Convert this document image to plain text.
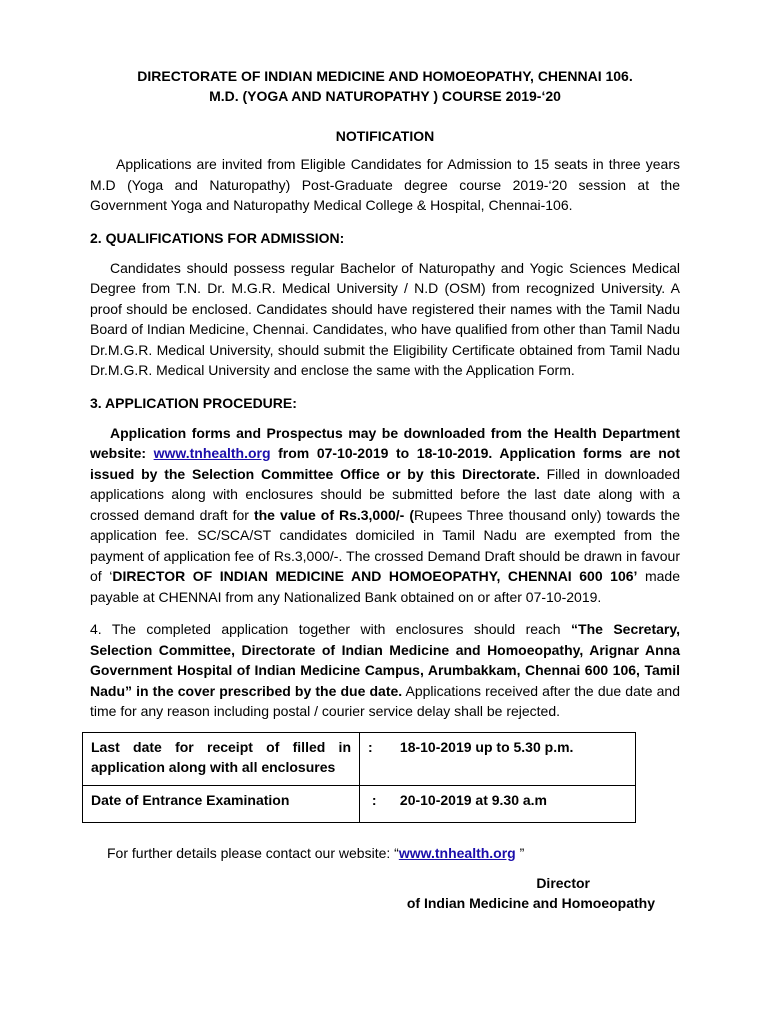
DIRECTORATE OF INDIAN MEDICINE AND HOMOEOPATHY, CHENNAI 106.

M.D. (YOGA AND NATUROPATHY ) COURSE 2019-‘20

NOTIFICATION

Applications are invited from Eligible Candidates for Admission to 15 seats in three years M.D (Yoga and Naturopathy) Post-Graduate degree course 2019-‘20 session at the Government Yoga and Naturopathy Medical College & Hospital, Chennai-106.

2. QUALIFICATIONS FOR ADMISSION:

Candidates should possess regular Bachelor of Naturopathy and Yogic Sciences Medical Degree from T.N. Dr. M.G.R. Medical University / N.D (OSM) from recognized University. A proof should be enclosed. Candidates should have registered their names with the Tamil Nadu Board of Indian Medicine, Chennai. Candidates, who have qualified from other than Tamil Nadu Dr.M.G.R. Medical University, should submit the Eligibility Certificate obtained from Tamil Nadu Dr.M.G.R. Medical University and enclose the same with the Application Form.

3. APPLICATION PROCEDURE:

Application forms and Prospectus may be downloaded from the Health Department website: www.tnhealth.org from 07-10-2019 to 18-10-2019. Application forms are not issued by the Selection Committee Office or by this Directorate. Filled in downloaded applications along with enclosures should be submitted before the last date along with a crossed demand draft for the value of Rs.3,000/- (Rupees Three thousand only) towards the application fee. SC/SCA/ST candidates domiciled in Tamil Nadu are exempted from the payment of application fee of Rs.3,000/-. The crossed Demand Draft should be drawn in favour of ‘DIRECTOR OF INDIAN MEDICINE AND HOMOEOPATHY, CHENNAI 600 106’ made payable at CHENNAI from any Nationalized Bank obtained on or after 07-10-2019.

4. The completed application together with enclosures should reach “The Secretary, Selection Committee, Directorate of Indian Medicine and Homoeopathy, Arignar Anna Government Hospital of Indian Medicine Campus, Arumbakkam, Chennai 600 106, Tamil Nadu” in the cover prescribed by the due date. Applications received after the due date and time for any reason including postal / courier service delay shall be rejected.

Last date for receipt of filled in application along with all enclosures	: 18-10-2019 up to 5.30 p.m.
Date of Entrance Examination	: 20-10-2019 at 9.30 a.m
For further details please contact our website: “www.tnhealth.org ”
Director
of Indian Medicine and Homoeopathy
